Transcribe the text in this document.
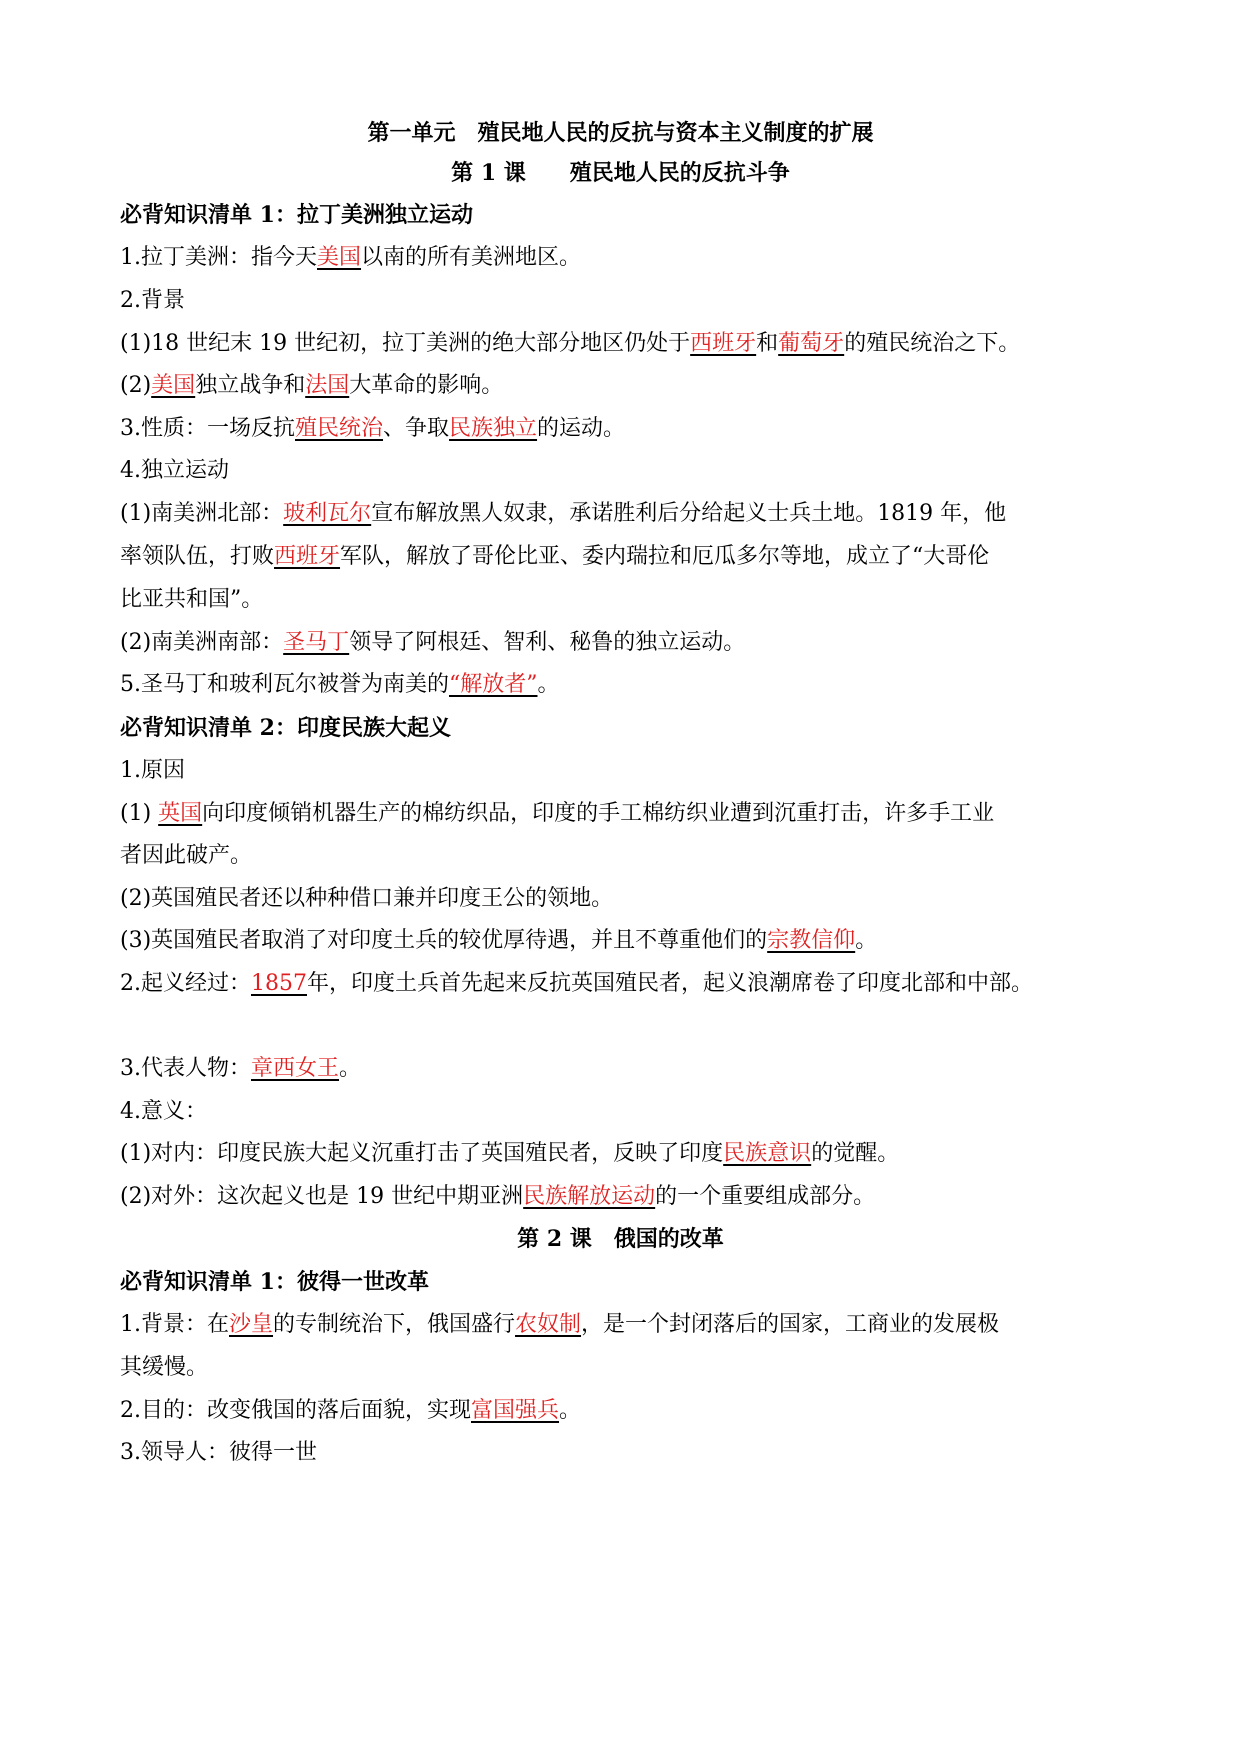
第一单元　殖民地人民的反抗与资本主义制度的扩展
第 1 课　　殖民地人民的反抗斗争
必背知识清单 1：拉丁美洲独立运动
1.拉丁美洲：指今天美国以南的所有美洲地区。
2.背景
(1)18 世纪末 19 世纪初，拉丁美洲的绝大部分地区仍处于西班牙和葡萄牙的殖民统治之下。
(2)美国独立战争和法国大革命的影响。
3.性质：一场反抗殖民统治、争取民族独立的运动。
4.独立运动
(1)南美洲北部：玻利瓦尔宣布解放黑人奴隶，承诺胜利后分给起义士兵土地。1819 年，他
率领队伍，打败西班牙军队，解放了哥伦比亚、委内瑞拉和厄瓜多尔等地，成立了“大哥伦
比亚共和国”。
(2)南美洲南部：圣马丁领导了阿根廷、智利、秘鲁的独立运动。
5.圣马丁和玻利瓦尔被誉为南美的“解放者”。
必背知识清单 2：印度民族大起义
1.原因
(1) 英国向印度倾销机器生产的棉纺织品，印度的手工棉纺织业遭到沉重打击，许多手工业
者因此破产。
(2)英国殖民者还以种种借口兼并印度王公的领地。
(3)英国殖民者取消了对印度土兵的较优厚待遇，并且不尊重他们的宗教信仰。
2.起义经过：1857年，印度土兵首先起来反抗英国殖民者，起义浪潮席卷了印度北部和中部。
3.代表人物：章西女王。
4.意义：
(1)对内：印度民族大起义沉重打击了英国殖民者，反映了印度民族意识的觉醒。
(2)对外：这次起义也是 19 世纪中期亚洲民族解放运动的一个重要组成部分。
第 2 课　俄国的改革
必背知识清单 1：彼得一世改革
1.背景：在沙皇的专制统治下，俄国盛行农奴制，是一个封闭落后的国家，工商业的发展极
其缓慢。
2.目的：改变俄国的落后面貌，实现富国强兵。
3.领导人：彼得一世
